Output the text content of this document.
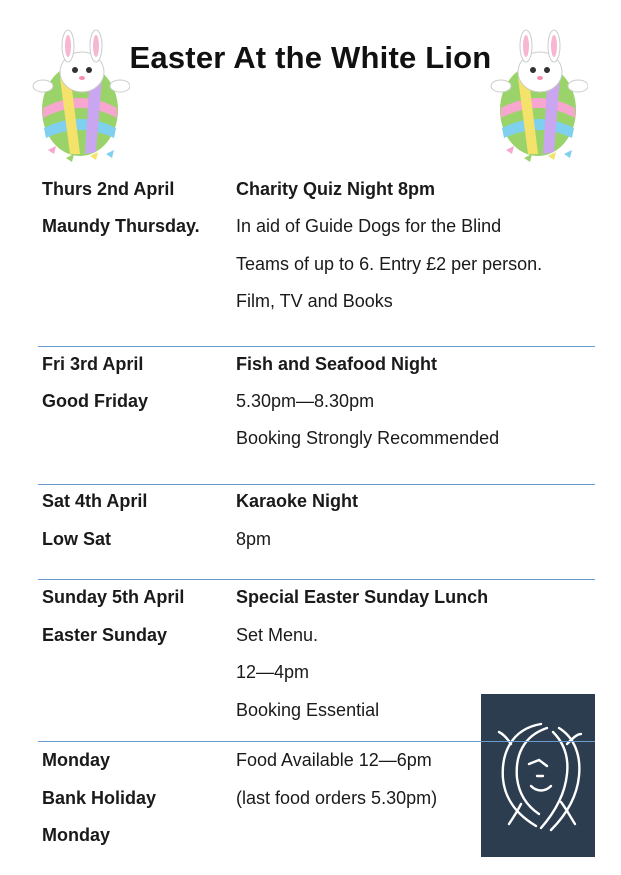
Easter At the White Lion
Thurs 2nd April
Maundy Thursday.
Charity Quiz Night 8pm
In aid of Guide Dogs for the Blind
Teams of up to 6. Entry £2 per person.
Film, TV and Books
Fri 3rd April
Good Friday
Fish and Seafood Night
5.30pm—8.30pm
Booking Strongly Recommended
Sat 4th April
Low Sat
Karaoke Night
8pm
Sunday 5th April
Easter Sunday
Special Easter Sunday Lunch
Set Menu.
12—4pm
Booking Essential
Monday
Bank Holiday
Monday
Food Available 12—6pm
(last food orders 5.30pm)
